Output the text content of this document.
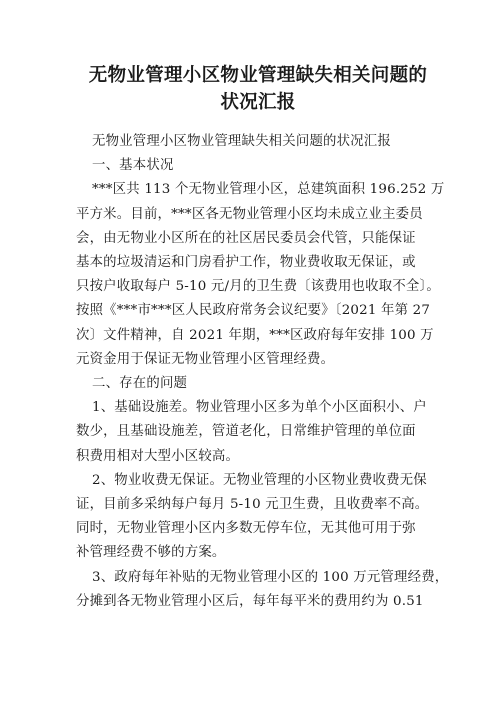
无物业管理小区物业管理缺失相关问题的
状况汇报
无物业管理小区物业管理缺失相关问题的状况汇报
一、基本状况
***区共 113 个无物业管理小区，总建筑面积 196.252 万
平方米。目前，***区各无物业管理小区均未成立业主委员
会，由无物业小区所在的社区居民委员会代管，只能保证
基本的垃圾清运和门房看护工作，物业费收取无保证，或
只按户收取每户 5-10 元/月的卫生费〔该费用也收取不全〕。
按照《***市***区人民政府常务会议纪要》〔2021 年第 27
次〕文件精神，自 2021 年期，***区政府每年安排 100 万
元资金用于保证无物业管理小区管理经费。
二、存在的问题
1、基础设施差。物业管理小区多为单个小区面积小、户
数少，且基础设施差，管道老化，日常维护管理的单位面
积费用相对大型小区较高。
2、物业收费无保证。无物业管理的小区物业费收费无保
证，目前多采纳每户每月 5-10 元卫生费，且收费率不高。
同时，无物业管理小区内多数无停车位，无其他可用于弥
补管理经费不够的方案。
3、政府每年补贴的无物业管理小区的 100 万元管理经费，
分摊到各无物业管理小区后，每年每平米的费用约为 0.51
